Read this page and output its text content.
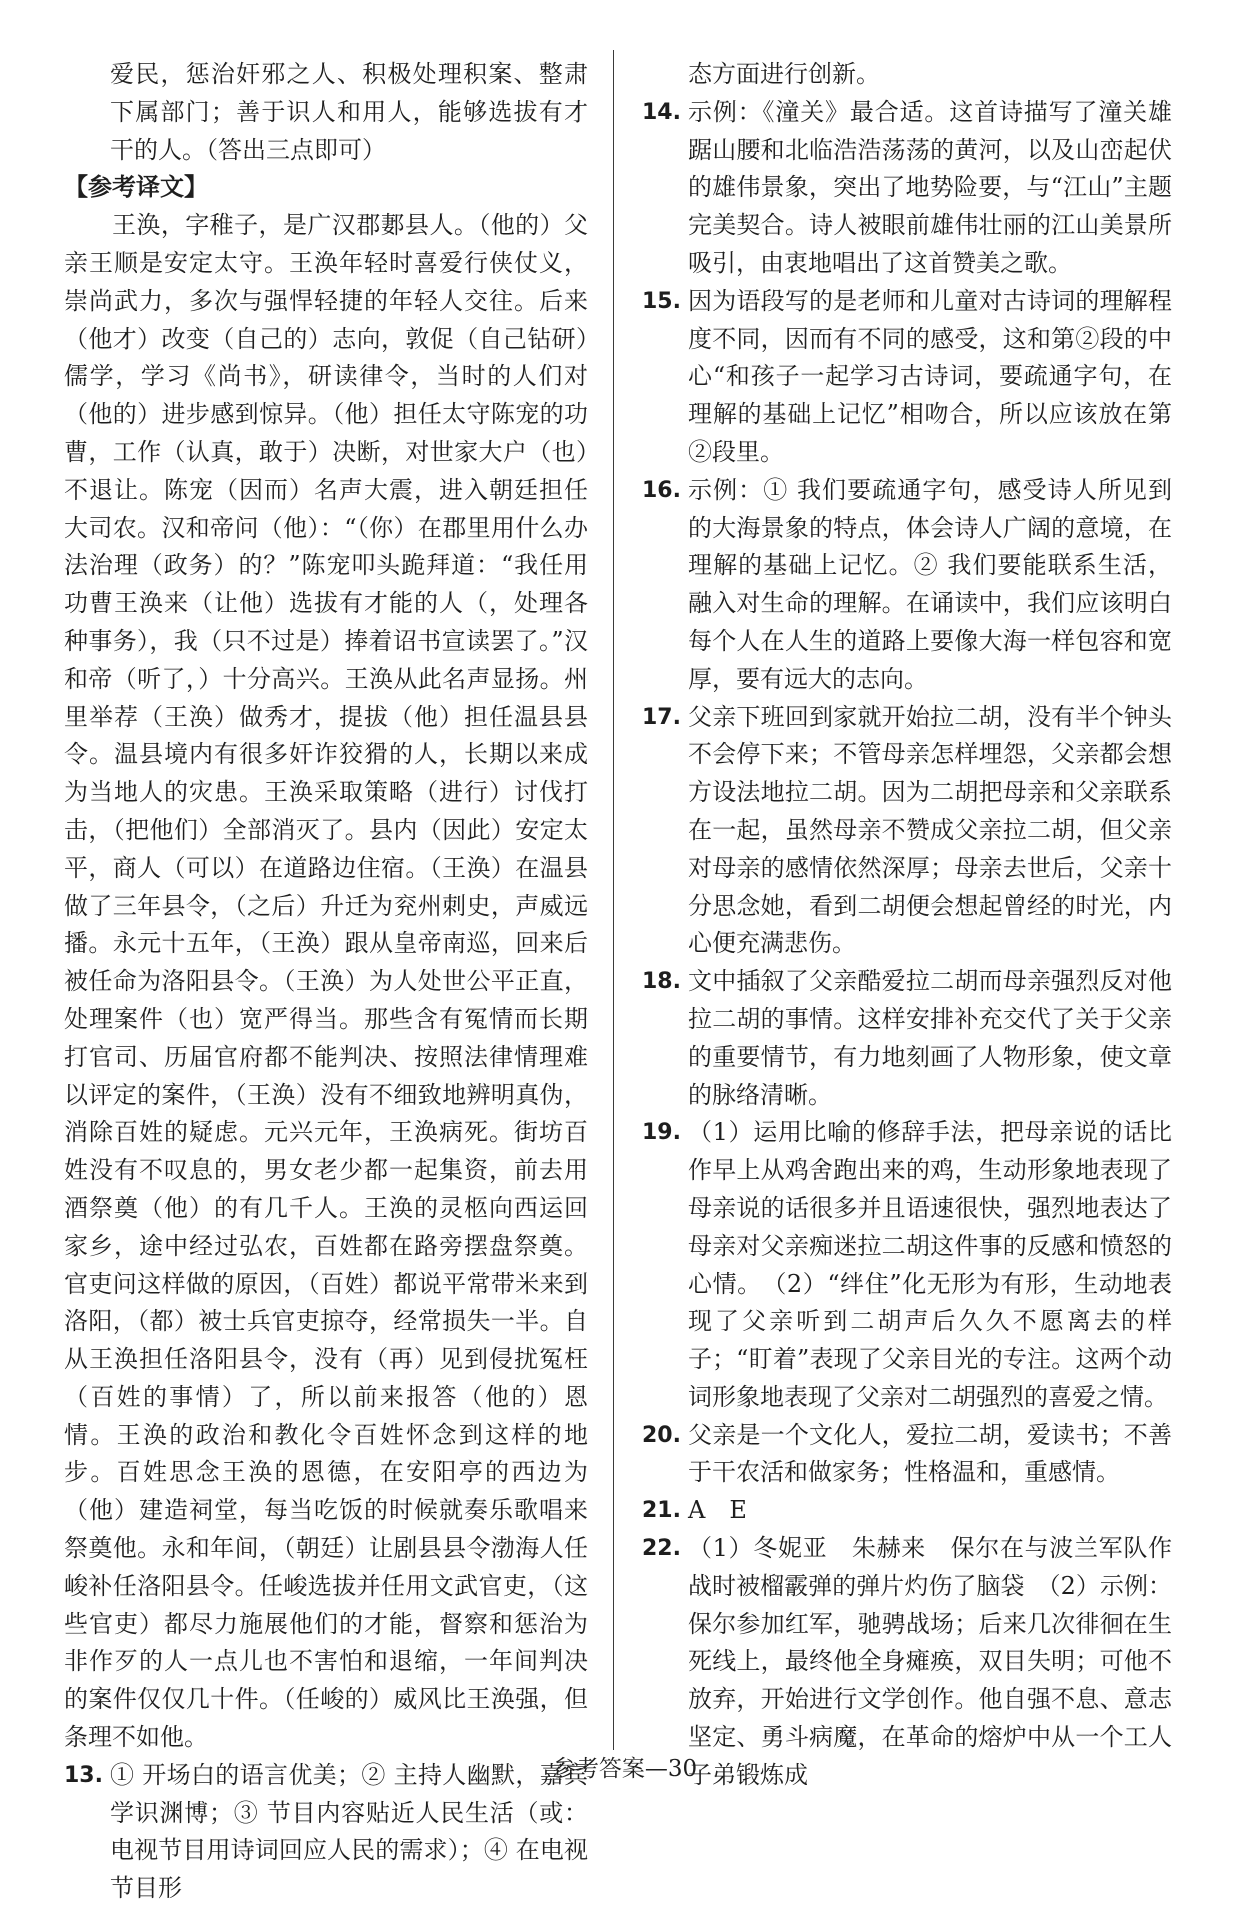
爱民，惩治奸邪之人、积极处理积案、整肃下属部门；善于识人和用人，能够选拔有才干的人。（答出三点即可）

【参考译文】

王涣，字稚子，是广汉郡郪县人。（他的）父亲王顺是安定太守。王涣年轻时喜爱行侠仗义，崇尚武力，多次与强悍轻捷的年轻人交往。后来（他才）改变（自己的）志向，敦促（自己钻研）儒学，学习《尚书》，研读律令，当时的人们对（他的）进步感到惊异。（他）担任太守陈宠的功曹，工作（认真，敢于）决断，对世家大户（也）不退让。陈宠（因而）名声大震，进入朝廷担任大司农。汉和帝问（他）：“（你）在郡里用什么办法治理（政务）的？”陈宠叩头跪拜道：“我任用功曹王涣来（让他）选拔有才能的人（，处理各种事务），我（只不过是）捧着诏书宣读罢了。”汉和帝（听了，）十分高兴。王涣从此名声显扬。州里举荐（王涣）做秀才，提拔（他）担任温县县令。温县境内有很多奸诈狡猾的人，长期以来成为当地人的灾患。王涣采取策略（进行）讨伐打击，（把他们）全部消灭了。县内（因此）安定太平，商人（可以）在道路边住宿。（王涣）在温县做了三年县令，（之后）升迁为兖州刺史，声威远播。永元十五年，（王涣）跟从皇帝南巡，回来后被任命为洛阳县令。（王涣）为人处世公平正直，处理案件（也）宽严得当。那些含有冤情而长期打官司、历届官府都不能判决、按照法律情理难以评定的案件，（王涣）没有不细致地辨明真伪，消除百姓的疑虑。元兴元年，王涣病死。街坊百姓没有不叹息的，男女老少都一起集资，前去用酒祭奠（他）的有几千人。王涣的灵柩向西运回家乡，途中经过弘农，百姓都在路旁摆盘祭奠。官吏问这样做的原因，（百姓）都说平常带米来到洛阳，（都）被士兵官吏掠夺，经常损失一半。自从王涣担任洛阳县令，没有（再）见到侵扰冤枉（百姓的事情）了，所以前来报答（他的）恩情。王涣的政治和教化令百姓怀念到这样的地步。百姓思念王涣的恩德，在安阳亭的西边为（他）建造祠堂，每当吃饭的时候就奏乐歌唱来祭奠他。永和年间，（朝廷）让剧县县令渤海人任峻补任洛阳县令。任峻选拔并任用文武官吏，（这些官吏）都尽力施展他们的才能，督察和惩治为非作歹的人一点儿也不害怕和退缩，一年间判决的案件仅仅几十件。（任峻的）威风比王涣强，但条理不如他。

13. ① 开场白的语言优美；② 主持人幽默，嘉宾学识渊博；③ 节目内容贴近人民生活（或：电视节目用诗词回应人民的需求）；④ 在电视节目形

态方面进行创新。

14. 示例：《潼关》最合适。这首诗描写了潼关雄踞山腰和北临浩浩荡荡的黄河，以及山峦起伏的雄伟景象，突出了地势险要，与“江山”主题完美契合。诗人被眼前雄伟壮丽的江山美景所吸引，由衷地唱出了这首赞美之歌。
15. 因为语段写的是老师和儿童对古诗词的理解程度不同，因而有不同的感受，这和第②段的中心“和孩子一起学习古诗词，要疏通字句，在理解的基础上记忆”相吻合，所以应该放在第②段里。
16. 示例：① 我们要疏通字句，感受诗人所见到的大海景象的特点，体会诗人广阔的意境，在理解的基础上记忆。② 我们要能联系生活，融入对生命的理解。在诵读中，我们应该明白每个人在人生的道路上要像大海一样包容和宽厚，要有远大的志向。
17. 父亲下班回到家就开始拉二胡，没有半个钟头不会停下来；不管母亲怎样埋怨，父亲都会想方设法地拉二胡。因为二胡把母亲和父亲联系在一起，虽然母亲不赞成父亲拉二胡，但父亲对母亲的感情依然深厚；母亲去世后，父亲十分思念她，看到二胡便会想起曾经的时光，内心便充满悲伤。
18. 文中插叙了父亲酷爱拉二胡而母亲强烈反对他拉二胡的事情。这样安排补充交代了关于父亲的重要情节，有力地刻画了人物形象，使文章的脉络清晰。
19. （1）运用比喻的修辞手法，把母亲说的话比作早上从鸡舍跑出来的鸡，生动形象地表现了母亲说的话很多并且语速很快，强烈地表达了母亲对父亲痴迷拉二胡这件事的反感和愤怒的心情。　（2）“绊住”化无形为有形，生动地表现了父亲听到二胡声后久久不愿离去的样子；“盯着”表现了父亲目光的专注。这两个动词形象地表现了父亲对二胡强烈的喜爱之情。
20. 父亲是一个文化人，爱拉二胡，爱读书；不善于干农活和做家务；性格温和，重感情。
21. A　E
22. （1）冬妮亚　朱赫来　保尔在与波兰军队作战时被榴霰弹的弹片灼伤了脑袋　（2）示例：保尔参加红军，驰骋战场；后来几次徘徊在生死线上，最终他全身瘫痪，双目失明；可他不放弃，开始进行文学创作。他自强不息、意志坚定、勇斗病魔，在革命的熔炉中从一个工人子弟锻炼成
参考答案—30
